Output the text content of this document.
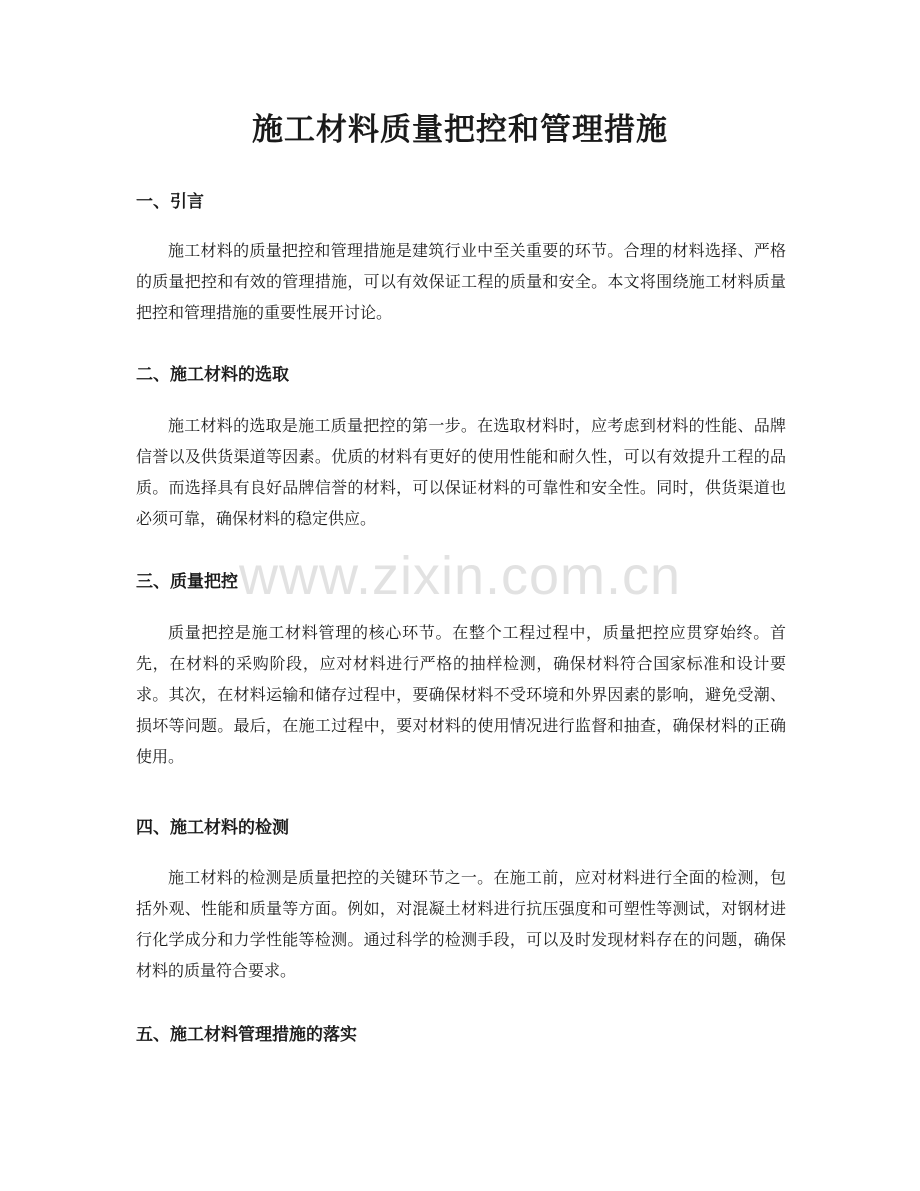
施工材料质量把控和管理措施
一、引言

施工材料的质量把控和管理措施是建筑行业中至关重要的环节。合理的材料选择、严格的质量把控和有效的管理措施，可以有效保证工程的质量和安全。本文将围绕施工材料质量把控和管理措施的重要性展开讨论。

二、施工材料的选取

施工材料的选取是施工质量把控的第一步。在选取材料时，应考虑到材料的性能、品牌信誉以及供货渠道等因素。优质的材料有更好的使用性能和耐久性，可以有效提升工程的品质。而选择具有良好品牌信誉的材料，可以保证材料的可靠性和安全性。同时，供货渠道也必须可靠，确保材料的稳定供应。

三、质量把控

质量把控是施工材料管理的核心环节。在整个工程过程中，质量把控应贯穿始终。首先，在材料的采购阶段，应对材料进行严格的抽样检测，确保材料符合国家标准和设计要求。其次，在材料运输和储存过程中，要确保材料不受环境和外界因素的影响，避免受潮、损坏等问题。最后，在施工过程中，要对材料的使用情况进行监督和抽查，确保材料的正确使用。

四、施工材料的检测

施工材料的检测是质量把控的关键环节之一。在施工前，应对材料进行全面的检测，包括外观、性能和质量等方面。例如，对混凝土材料进行抗压强度和可塑性等测试，对钢材进行化学成分和力学性能等检测。通过科学的检测手段，可以及时发现材料存在的问题，确保材料的质量符合要求。

五、施工材料管理措施的落实
www.zixin.com.cn
